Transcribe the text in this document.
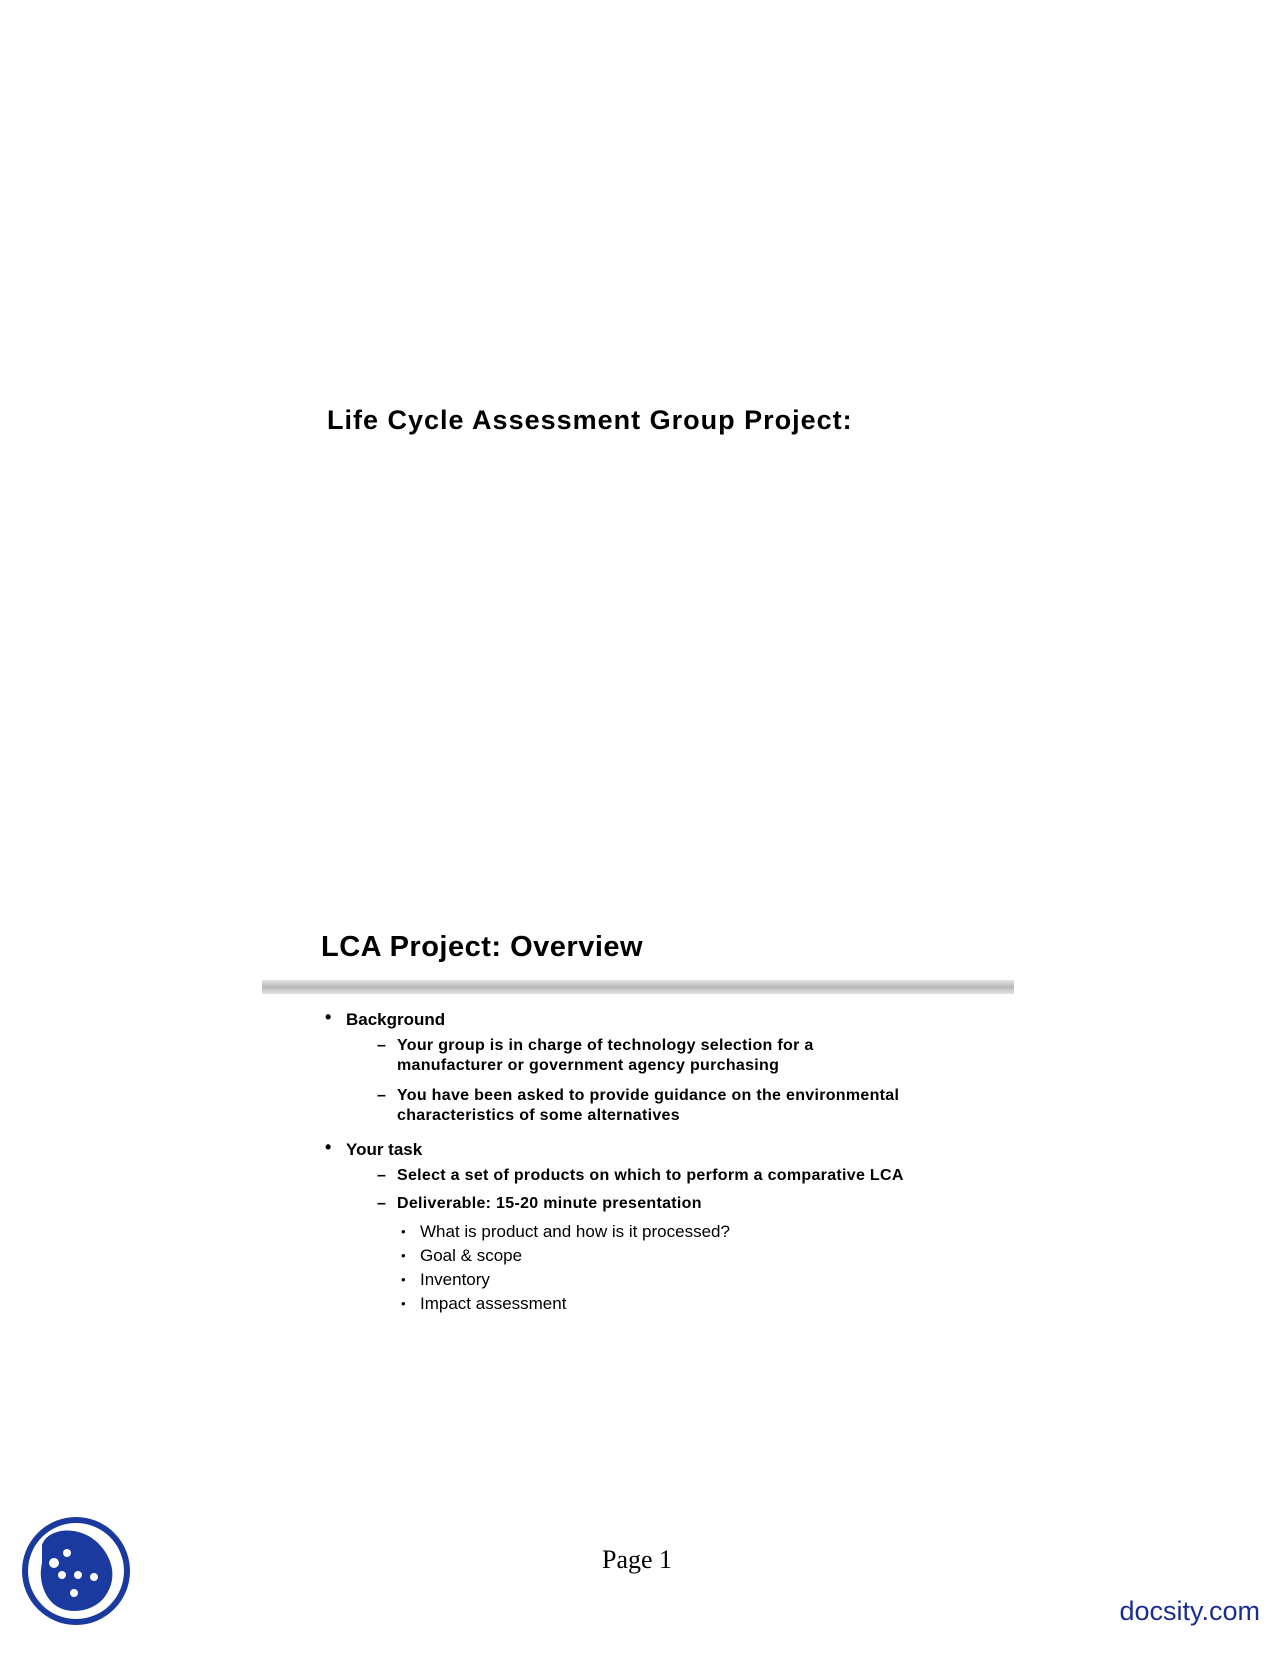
Life Cycle Assessment Group Project:
LCA Project: Overview
• Background
– Your group is in charge of technology selection for a
manufacturer or government agency purchasing
– You have been asked to provide guidance on the environmental
characteristics of some alternatives
• Your task
– Select a set of products on which to perform a comparative LCA
– Deliverable: 15-20 minute presentation
• What is product and how is it processed?
• Goal & scope
• Inventory
• Impact assessment
Page 1
docsity.com
